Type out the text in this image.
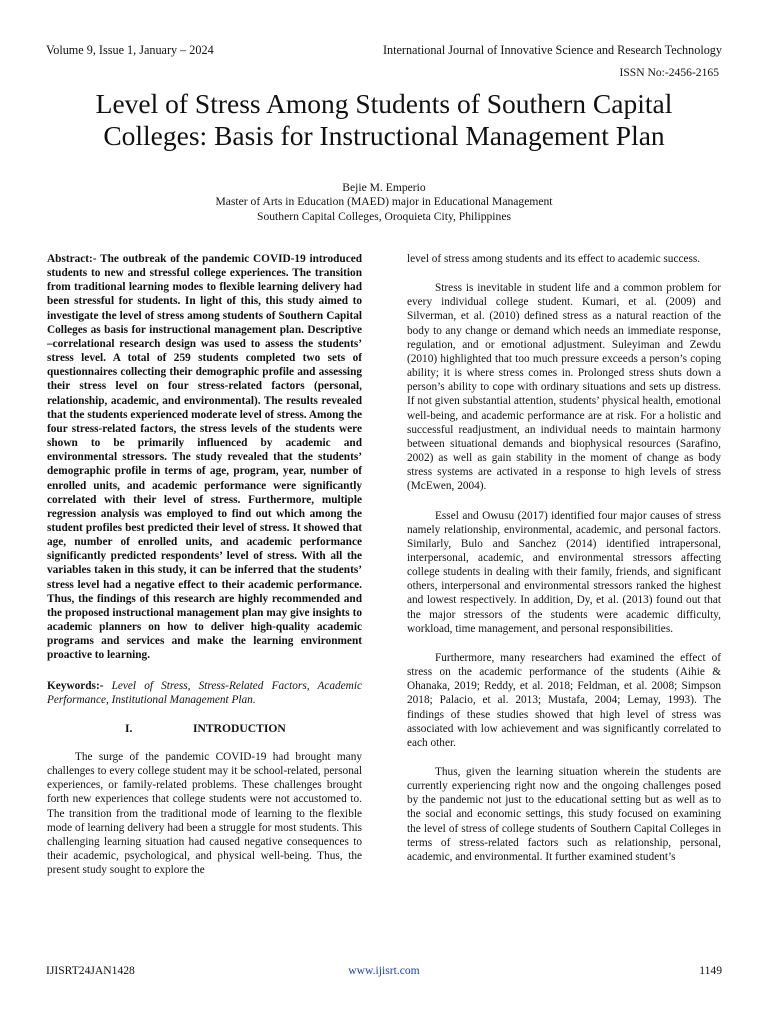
Volume 9, Issue 1, January – 2024	International Journal of Innovative Science and Research Technology
ISSN No:-2456-2165
Level of Stress Among Students of Southern Capital
Colleges: Basis for Instructional Management Plan
Bejie M. Emperio
Master of Arts in Education (MAED) major in Educational Management
Southern Capital Colleges, Oroquieta City, Philippines

Abstract:- The outbreak of the pandemic COVID-19 introduced students to new and stressful college experiences. The transition from traditional learning modes to flexible learning delivery had been stressful for students. In light of this, this study aimed to investigate the level of stress among students of Southern Capital Colleges as basis for instructional management plan. Descriptive –correlational research design was used to assess the students’ stress level. A total of 259 students completed two sets of questionnaires collecting their demographic profile and assessing their stress level on four stress-related factors (personal, relationship, academic, and environmental). The results revealed that the students experienced moderate level of stress. Among the four stress-related factors, the stress levels of the students were shown to be primarily influenced by academic and environmental stressors. The study revealed that the students’ demographic profile in terms of age, program, year, number of enrolled units, and academic performance were significantly correlated with their level of stress. Furthermore, multiple regression analysis was employed to find out which among the student profiles best predicted their level of stress. It showed that age, number of enrolled units, and academic performance significantly predicted respondents’ level of stress. With all the variables taken in this study, it can be inferred that the students’ stress level had a negative effect to their academic performance. Thus, the findings of this research are highly recommended and the proposed instructional management plan may give insights to academic planners on how to deliver high-quality academic programs and services and make the learning environment proactive to learning.

Keywords:- Level of Stress, Stress-Related Factors, Academic Performance, Institutional Management Plan.

I.	INTRODUCTION

The surge of the pandemic COVID-19 had brought many challenges to every college student may it be school-related, personal experiences, or family-related problems. These challenges brought forth new experiences that college students were not accustomed to. The transition from the traditional mode of learning to the flexible mode of learning delivery had been a struggle for most students. This challenging learning situation had caused negative consequences to their academic, psychological, and physical well-being. Thus, the present study sought to explore the

level of stress among students and its effect to academic success.

Stress is inevitable in student life and a common problem for every individual college student. Kumari, et al. (2009) and Silverman, et al. (2010) defined stress as a natural reaction of the body to any change or demand which needs an immediate response, regulation, and or emotional adjustment. Suleyiman and Zewdu (2010) highlighted that too much pressure exceeds a person’s coping ability; it is where stress comes in. Prolonged stress shuts down a person’s ability to cope with ordinary situations and sets up distress. If not given substantial attention, students’ physical health, emotional well-being, and academic performance are at risk. For a holistic and successful readjustment, an individual needs to maintain harmony between situational demands and biophysical resources (Sarafino, 2002) as well as gain stability in the moment of change as body stress systems are activated in a response to high levels of stress (McEwen, 2004).

Essel and Owusu (2017) identified four major causes of stress namely relationship, environmental, academic, and personal factors. Similarly, Bulo and Sanchez (2014) identified intrapersonal, interpersonal, academic, and environmental stressors affecting college students in dealing with their family, friends, and significant others, interpersonal and environmental stressors ranked the highest and lowest respectively. In addition, Dy, et al. (2013) found out that the major stressors of the students were academic difficulty, workload, time management, and personal responsibilities.

Furthermore, many researchers had examined the effect of stress on the academic performance of the students (Aihie & Ohanaka, 2019; Reddy, et al. 2018; Feldman, et al. 2008; Simpson 2018; Palacio, et al. 2013; Mustafa, 2004; Lemay, 1993). The findings of these studies showed that high level of stress was associated with low achievement and was significantly correlated to each other.

Thus, given the learning situation wherein the students are currently experiencing right now and the ongoing challenges posed by the pandemic not just to the educational setting but as well as to the social and economic settings, this study focused on examining the level of stress of college students of Southern Capital Colleges in terms of stress-related factors such as relationship, personal, academic, and environmental. It further examined student’s

IJISRT24JAN1428	www.ijisrt.com	1149
